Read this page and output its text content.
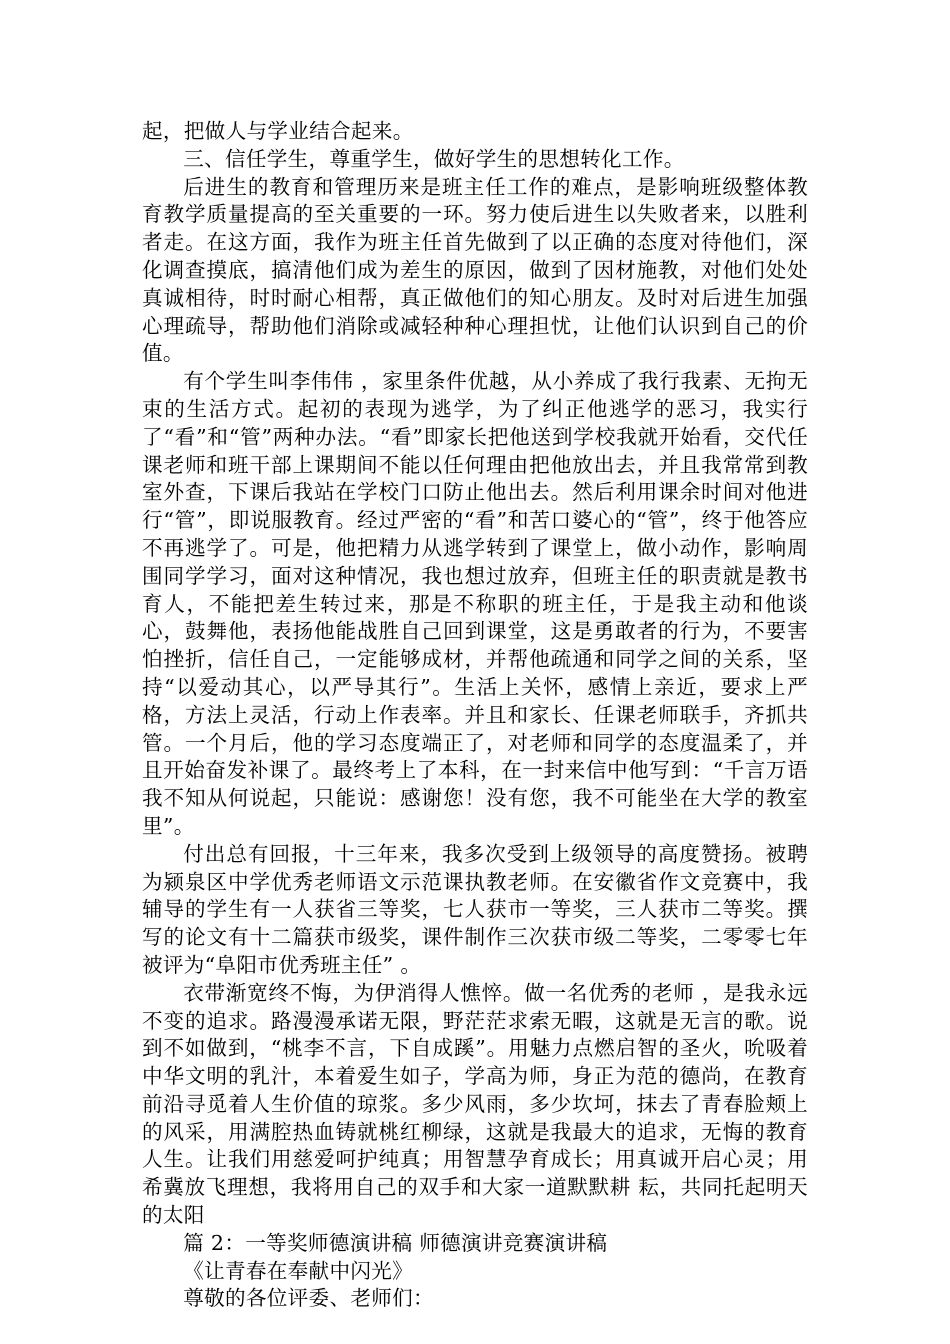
起，把做人与学业结合起来。

三、信任学生，尊重学生，做好学生的思想转化工作。

后进生的教育和管理历来是班主任工作的难点，是影响班级整体教育教学质量提高的至关重要的一环。努力使后进生以失败者来，以胜利者走。在这方面，我作为班主任首先做到了以正确的态度对待他们，深化调查摸底，搞清他们成为差生的原因，做到了因材施教，对他们处处真诚相待，时时耐心相帮，真正做他们的知心朋友。及时对后进生加强心理疏导，帮助他们消除或减轻种种心理担忧，让他们认识到自己的价值。

有个学生叫李伟伟 ，家里条件优越，从小养成了我行我素、无拘无束的生活方式。起初的表现为逃学，为了纠正他逃学的恶习，我实行了“看”和“管”两种办法。“看”即家长把他送到学校我就开始看，交代任课老师和班干部上课期间不能以任何理由把他放出去，并且我常常到教室外查，下课后我站在学校门口防止他出去。然后利用课余时间对他进行“管”，即说服教育。经过严密的“看”和苦口婆心的“管”，终于他答应不再逃学了。可是，他把精力从逃学转到了课堂上，做小动作，影响周围同学学习，面对这种情况，我也想过放弃，但班主任的职责就是教书育人，不能把差生转过来，那是不称职的班主任，于是我主动和他谈心，鼓舞他，表扬他能战胜自己回到课堂，这是勇敢者的行为，不要害怕挫折，信任自己，一定能够成材，并帮他疏通和同学之间的关系，坚持“以爱动其心，以严导其行”。生活上关怀，感情上亲近，要求上严格，方法上灵活，行动上作表率。并且和家长、任课老师联手，齐抓共管。一个月后，他的学习态度端正了，对老师和同学的态度温柔了，并且开始奋发补课了。最终考上了本科，在一封来信中他写到：“千言万语我不知从何说起，只能说：感谢您！没有您，我不可能坐在大学的教室里”。

付出总有回报，十三年来，我多次受到上级领导的高度赞扬。被聘为颍泉区中学优秀老师语文示范课执教老师。在安徽省作文竞赛中，我辅导的学生有一人获省三等奖，七人获市一等奖，三人获市二等奖。撰写的论文有十二篇获市级奖，课件制作三次获市级二等奖，二零零七年被评为“阜阳市优秀班主任” 。

衣带渐宽终不悔，为伊消得人憔悴。做一名优秀的老师 ，是我永远不变的追求。路漫漫承诺无限，野茫茫求索无暇，这就是无言的歌。说到不如做到，“桃李不言，下自成蹊”。用魅力点燃启智的圣火，吮吸着中华文明的乳汁，本着爱生如子，学高为师，身正为范的德尚，在教育前沿寻觅着人生价值的琼浆。多少风雨，多少坎坷，抹去了青春脸颊上的风采，用满腔热血铸就桃红柳绿，这就是我最大的追求，无悔的教育人生。让我们用慈爱呵护纯真；用智慧孕育成长；用真诚开启心灵；用希冀放飞理想，我将用自己的双手和大家一道默默耕 耘，共同托起明天的太阳

篇 2：一等奖师德演讲稿 师德演讲竞赛演讲稿

《让青春在奉献中闪光》

尊敬的各位评委、老师们：
